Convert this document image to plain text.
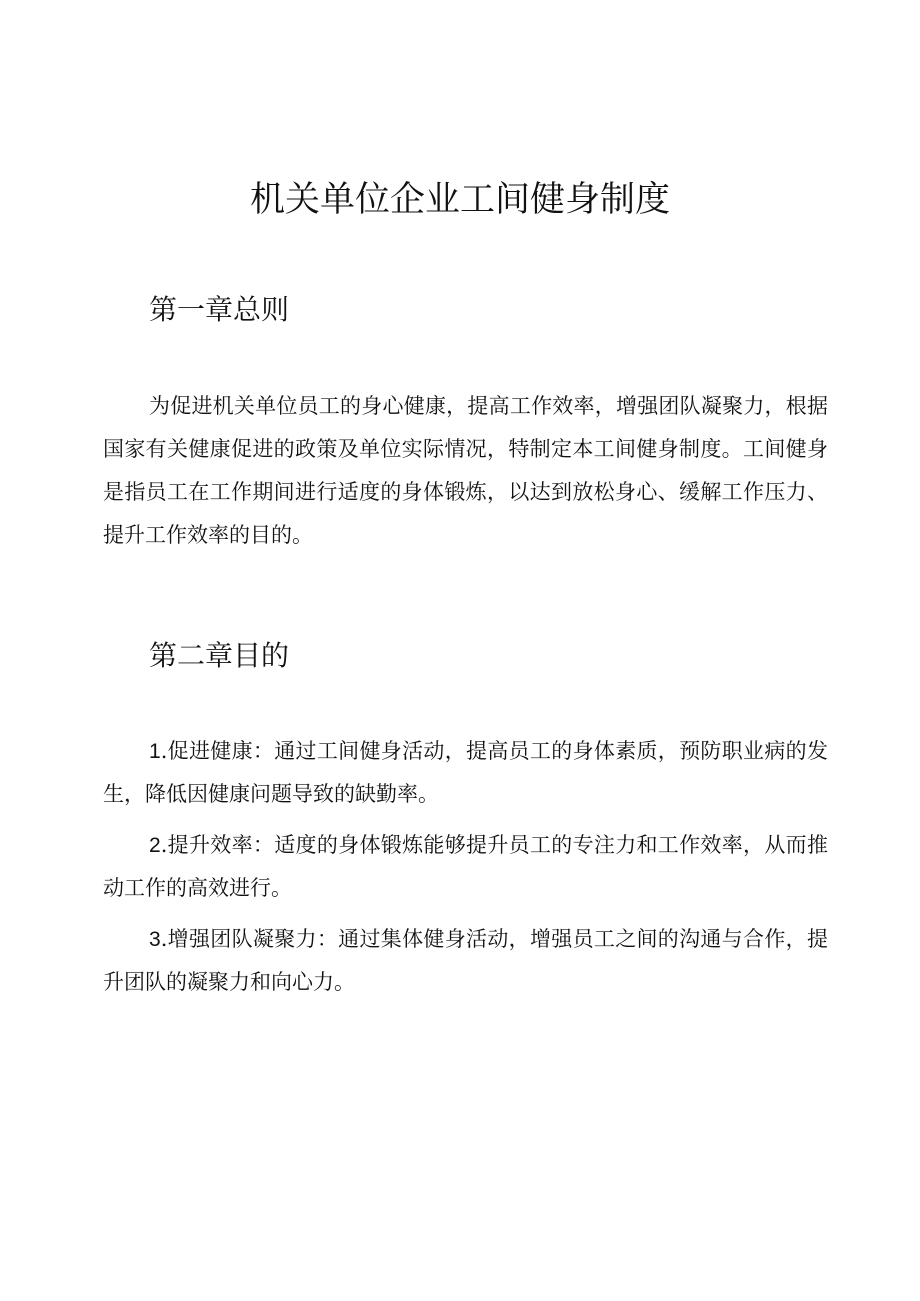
机关单位企业工间健身制度
第一章总则

为促进机关单位员工的身心健康，提高工作效率，增强团队凝聚力，根据国家有关健康促进的政策及单位实际情况，特制定本工间健身制度。工间健身是指员工在工作期间进行适度的身体锻炼，以达到放松身心、缓解工作压力、提升工作效率的目的。

第二章目的

1.促进健康：通过工间健身活动，提高员工的身体素质，预防职业病的发生，降低因健康问题导致的缺勤率。

2.提升效率：适度的身体锻炼能够提升员工的专注力和工作效率，从而推动工作的高效进行。

3.增强团队凝聚力：通过集体健身活动，增强员工之间的沟通与合作，提升团队的凝聚力和向心力。
